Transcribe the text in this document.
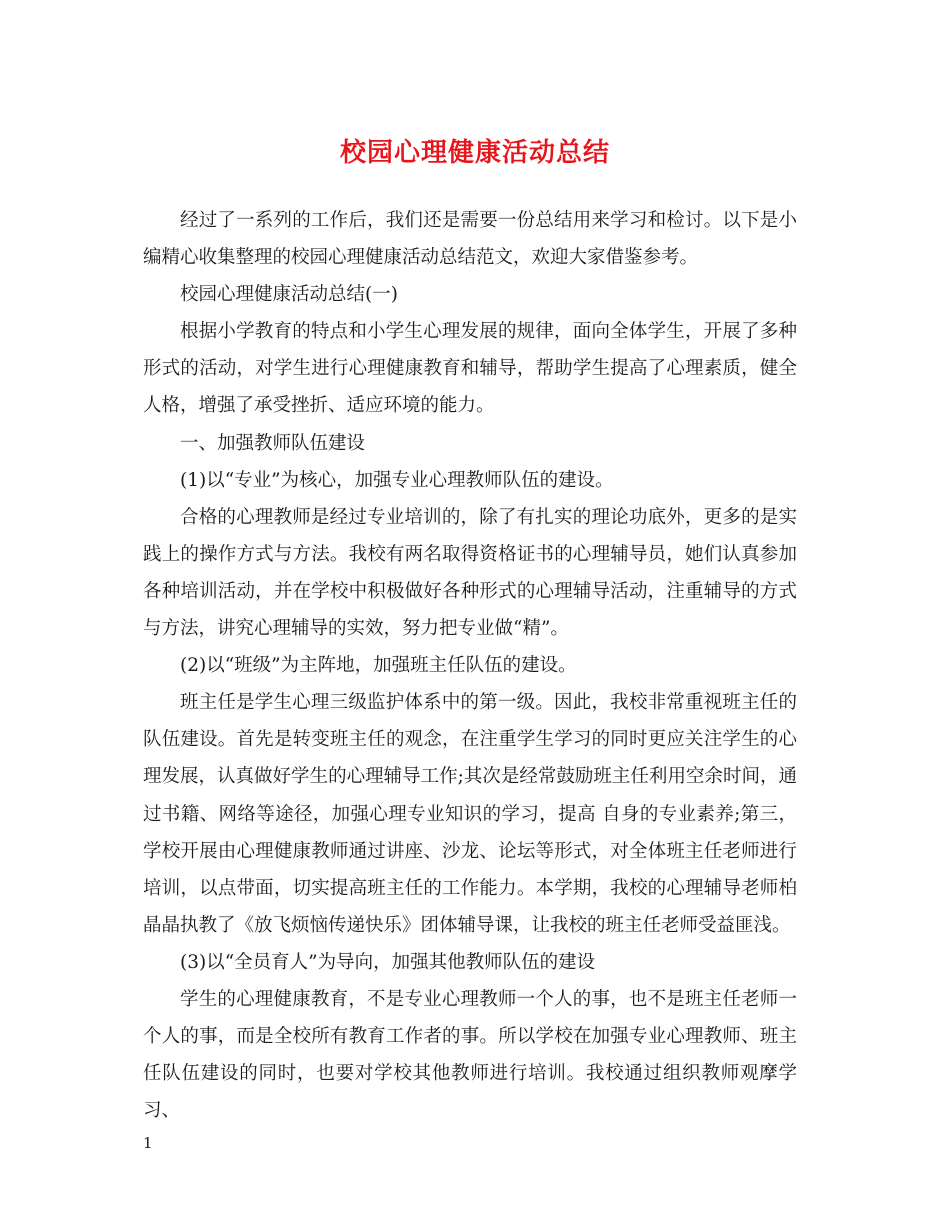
校园心理健康活动总结

经过了一系列的工作后，我们还是需要一份总结用来学习和检讨。以下是小编精心收集整理的校园心理健康活动总结范文，欢迎大家借鉴参考。

校园心理健康活动总结(一)

根据小学教育的特点和小学生心理发展的规律，面向全体学生，开展了多种形式的活动，对学生进行心理健康教育和辅导，帮助学生提高了心理素质，健全人格，增强了承受挫折、适应环境的能力。

一、加强教师队伍建设

(1)以“专业”为核心，加强专业心理教师队伍的建设。

合格的心理教师是经过专业培训的，除了有扎实的理论功底外，更多的是实践上的操作方式与方法。我校有两名取得资格证书的心理辅导员，她们认真参加各种培训活动，并在学校中积极做好各种形式的心理辅导活动，注重辅导的方式与方法，讲究心理辅导的实效，努力把专业做“精”。

(2)以“班级”为主阵地，加强班主任队伍的建设。

班主任是学生心理三级监护体系中的第一级。因此，我校非常重视班主任的队伍建设。首先是转变班主任的观念，在注重学生学习的同时更应关注学生的心理发展，认真做好学生的心理辅导工作;其次是经常鼓励班主任利用空余时间，通过书籍、网络等途径，加强心理专业知识的学习，提高 自身的专业素养;第三，学校开展由心理健康教师通过讲座、沙龙、论坛等形式，对全体班主任老师进行培训，以点带面，切实提高班主任的工作能力。本学期，我校的心理辅导老师柏晶晶执教了《放飞烦恼传递快乐》团体辅导课，让我校的班主任老师受益匪浅。

(3)以“全员育人”为导向，加强其他教师队伍的建设

学生的心理健康教育，不是专业心理教师一个人的事，也不是班主任老师一个人的事，而是全校所有教育工作者的事。所以学校在加强专业心理教师、班主任队伍建设的同时，也要对学校其他教师进行培训。我校通过组织教师观摩学习、

1
